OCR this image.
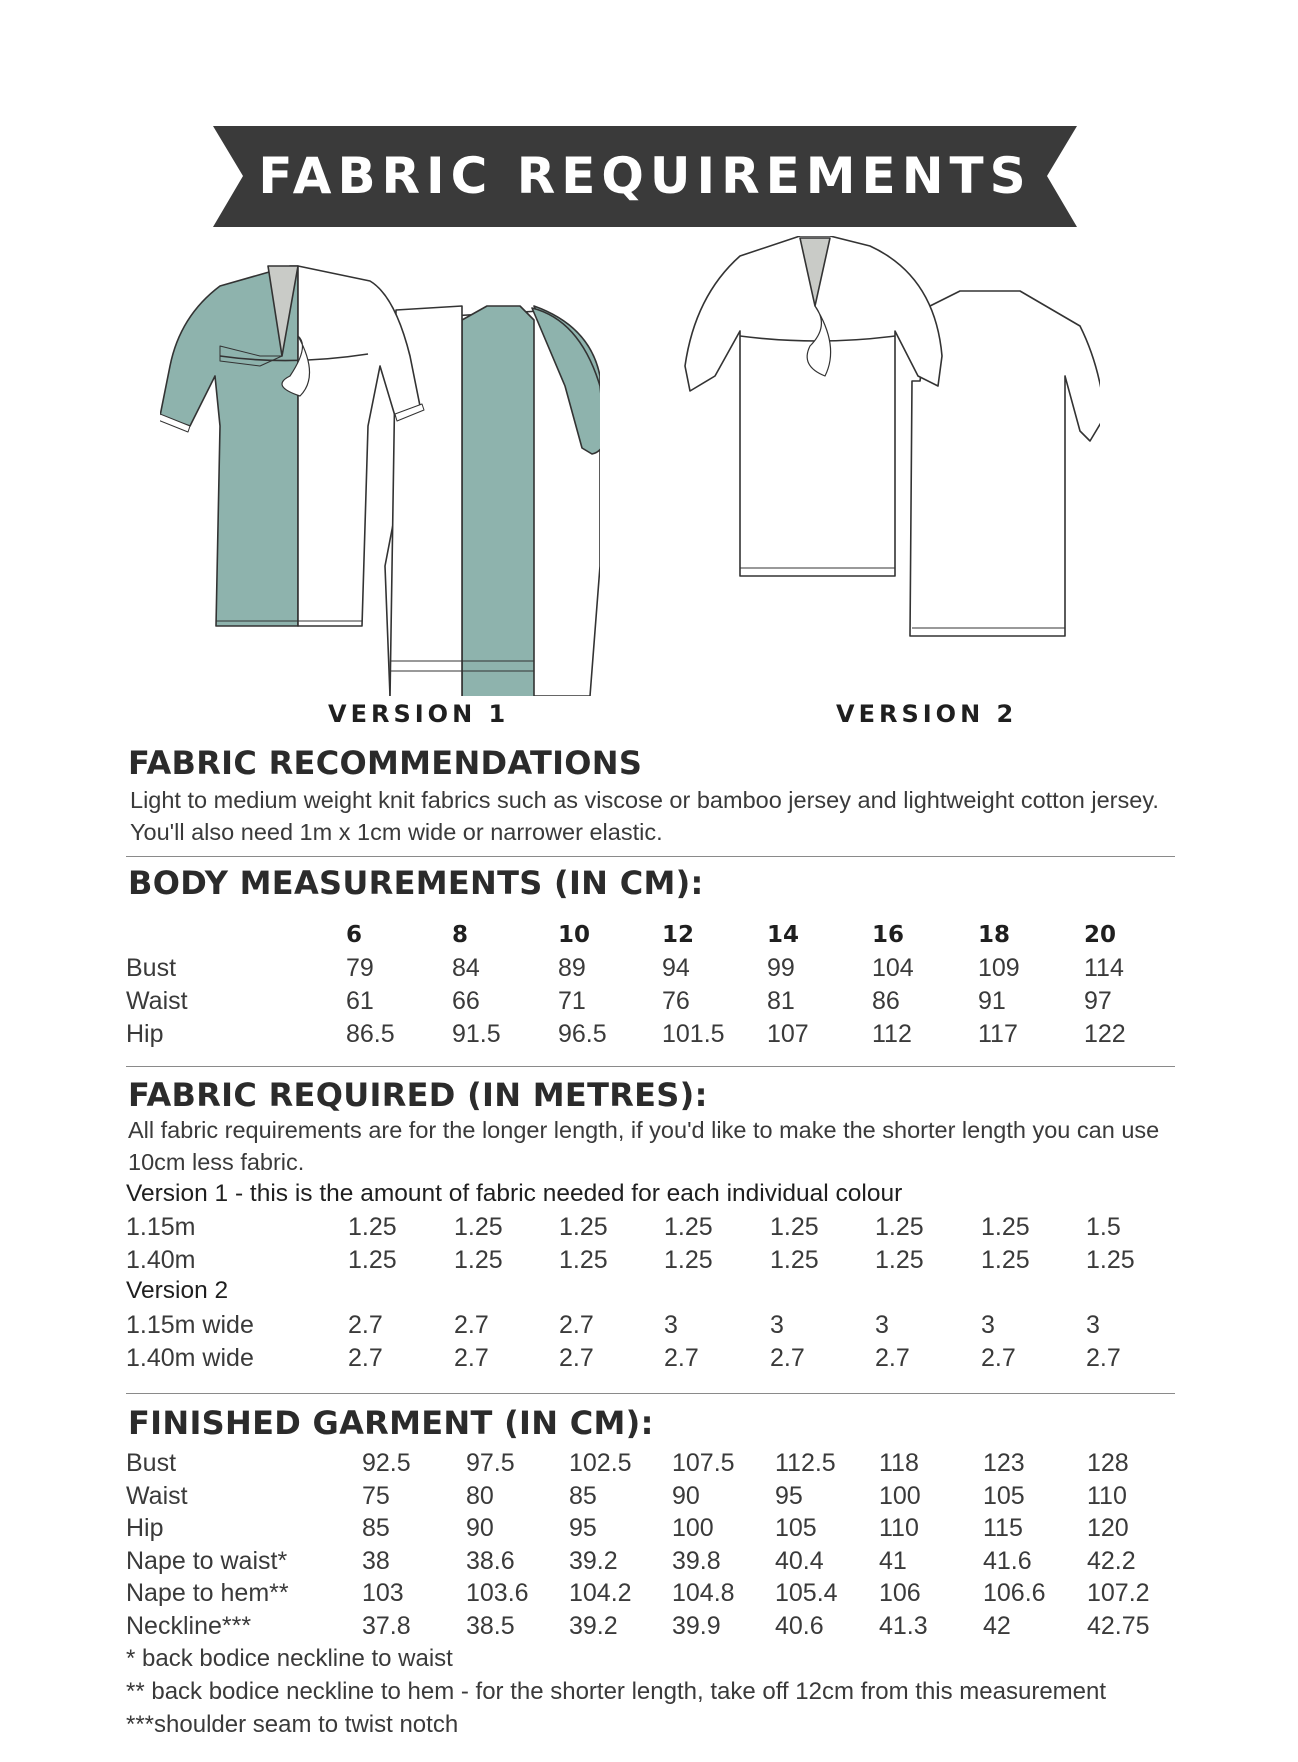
FABRIC REQUIREMENTS
VERSION 1	VERSION 2
FABRIC RECOMMENDATIONS
Light to medium weight knit fabrics such as viscose or bamboo jersey and lightweight cotton jersey.
You'll also need 1m x 1cm wide or narrower elastic.
BODY MEASUREMENTS (IN CM):
6	8	10	12	14	16	18	20
Bust	79	84	89	94	99	104	109	114
Waist	61	66	71	76	81	86	91	97
Hip	86.5 91.5 96.5 101.5 107	112	117	122
FABRIC REQUIRED (IN METRES):
All fabric requirements are for the longer length, if you'd like to make the shorter length you can use
10cm less fabric.
Version 1 - this is the amount of fabric needed for each individual colour
1.15m	1.25 1.25 1.25 1.25 1.25 1.25 1.25 1.5
1.40m	1.25 1.25 1.25 1.25 1.25 1.25 1.25 1.25
Version 2
1.15m wide	2.7	2.7	2.7	3	3	3	3	3
1.40m wide	2.7	2.7	2.7	2.7	2.7	2.7	2.7	2.7
FINISHED GARMENT (IN CM):
Bust	92.5 97.5 102.5 107.5 112.5 118	123 128
Waist	75	80	85	90	95	100 105 110
Hip	85	90	95	100 105 110	115	120
Nape to waist*	38	38.6 39.2 39.8 40.4 41	41.6 42.2
Nape to hem**	103 103.6 104.2 104.8 105.4 106 106.6 107.2
Neckline***	37.8 38.5 39.2 39.9 40.6 41.3 42	42.75
* back bodice neckline to waist
** back bodice neckline to hem - for the shorter length, take off 12cm from this measurement
***shoulder seam to twist notch
